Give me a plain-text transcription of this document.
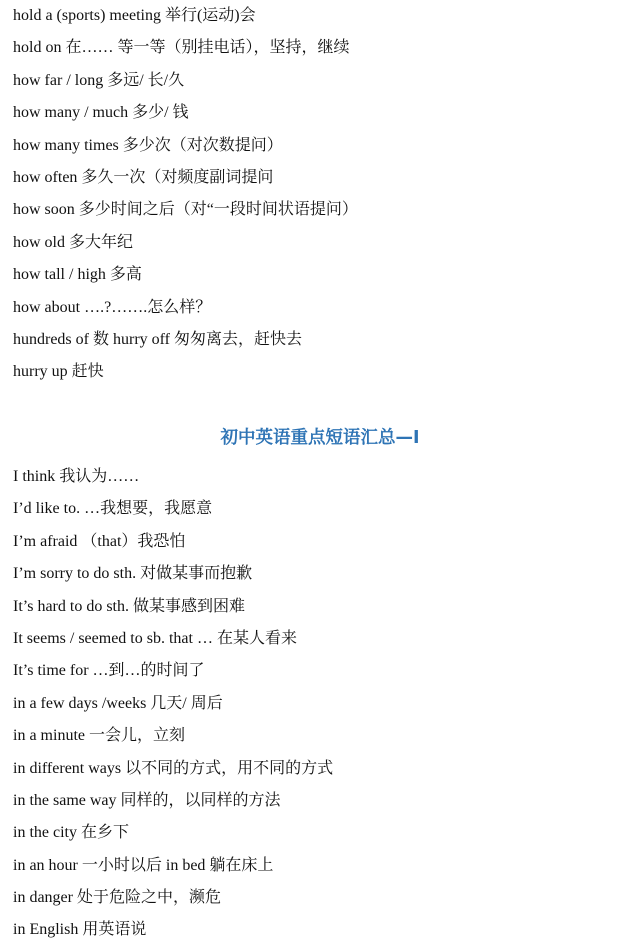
hold a (sports) meeting 举行(运动)会
hold on 在…… 等一等（别挂电话），坚持，继续
how far / long 多远/ 长/久
how many / much 多少/ 钱
how many times 多少次（对次数提问）
how often 多久一次（对频度副词提问
how soon 多少时间之后（对“一段时间状语提问）
how old 多大年纪
how tall / high 多高
how about ….?…….怎么样？
hundreds of 数 hurry off 匆匆离去，赶快去
hurry up 赶快
初中英语重点短语汇总—I
I think 我认为……
I’d like to. …我想要，我愿意
I’m afraid （that）我恐怕
I’m sorry to do sth. 对做某事而抱歉
It’s hard to do sth. 做某事感到困难
It seems / seemed to sb. that … 在某人看来
It’s time for …到…的时间了
in a few days /weeks 几天/ 周后
in a minute 一会儿，立刻
in different ways 以不同的方式，用不同的方式
in the same way 同样的，以同样的方法
in the city 在乡下
in an hour 一小时以后 in bed 躺在床上
in danger 处于危险之中，濒危
in English 用英语说
